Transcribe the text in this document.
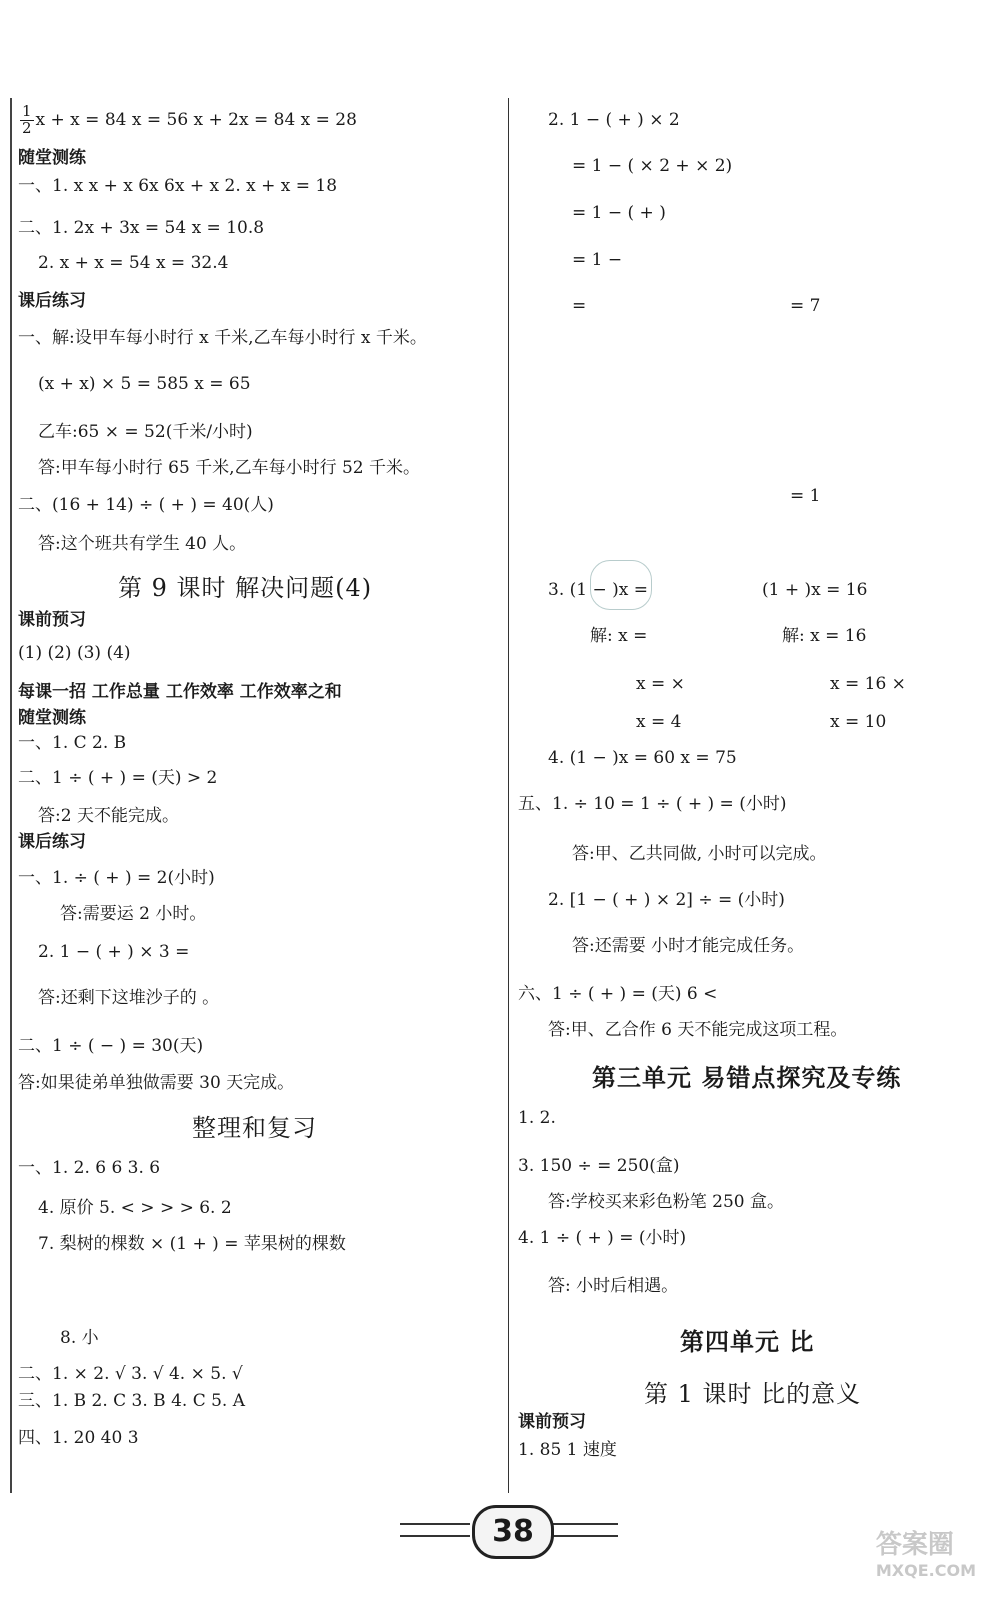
$\frac{1}{2}$ x + x = 84 x = 56 x + 2x = 84 x = 28
随堂测练
一、1. x x + x 6x 6x + x 2. x + x = 18
二、1. 2x + 3x = 54 x = 10.8
2. x + x = 54 x = 32.4
课后练习
一、解:设甲车每小时行 x 千米,乙车每小时行 x 千米。
(x + x) × 5 = 585 x = 65
乙车:65 × = 52(千米/小时)
答:甲车每小时行 65 千米,乙车每小时行 52 千米。
二、(16 + 14) ÷ ( + ) = 40(人)
答:这个班共有学生 40 人。
第 9 课时 解决问题(4)
课前预习
(1) (2) (3) (4)
每课一招 工作总量 工作效率 工作效率之和
随堂测练
一、1. C 2. B
二、1 ÷ ( + ) = (天) > 2
答:2 天不能完成。
课后练习
一、1. ÷ ( + ) = 2(小时)
答:需要运 2 小时。
2. 1 − ( + ) × 3 =
答:还剩下这堆沙子的 。
二、1 ÷ ( − ) = 30(天)
答:如果徒弟单独做需要 30 天完成。
整理和复习
一、1. 2. 6 6 3. 6
4. 原价 5. < > > > 6. 2
7. 梨树的棵数 × (1 + ) = 苹果树的棵数
8. 小
二、1. × 2. √ 3. √ 4. × 5. √
三、1. B 2. C 3. B 4. C 5. A
四、1. 20 40 3
2. 1 − ( + ) × 2
= 1 − ( × 2 + × 2)
= 1 − ( + )
= 1 −
=	= 7
= 1
3. (1 − )x =	(1 + )x = 16
解: x =	解: x = 16
x = ×	x = 16 ×
x = 4	x = 10
4. (1 − )x = 60 x = 75
五、1. ÷ 10 = 1 ÷ ( + ) = (小时)
答:甲、乙共同做, 小时可以完成。
2. [1 − ( + ) × 2] ÷ = (小时)
答:还需要 小时才能完成任务。
六、1 ÷ ( + ) = (天) 6 <
答:甲、乙合作 6 天不能完成这项工程。
第三单元 易错点探究及专练
1. 2.
3. 150 ÷ = 250(盒)
答:学校买来彩色粉笔 250 盒。
4. 1 ÷ ( + ) = (小时)
答: 小时后相遇。
第四单元 比
第 1 课时 比的意义
课前预习
1. 85 1 速度
38	答案圈
MXQE.COM
